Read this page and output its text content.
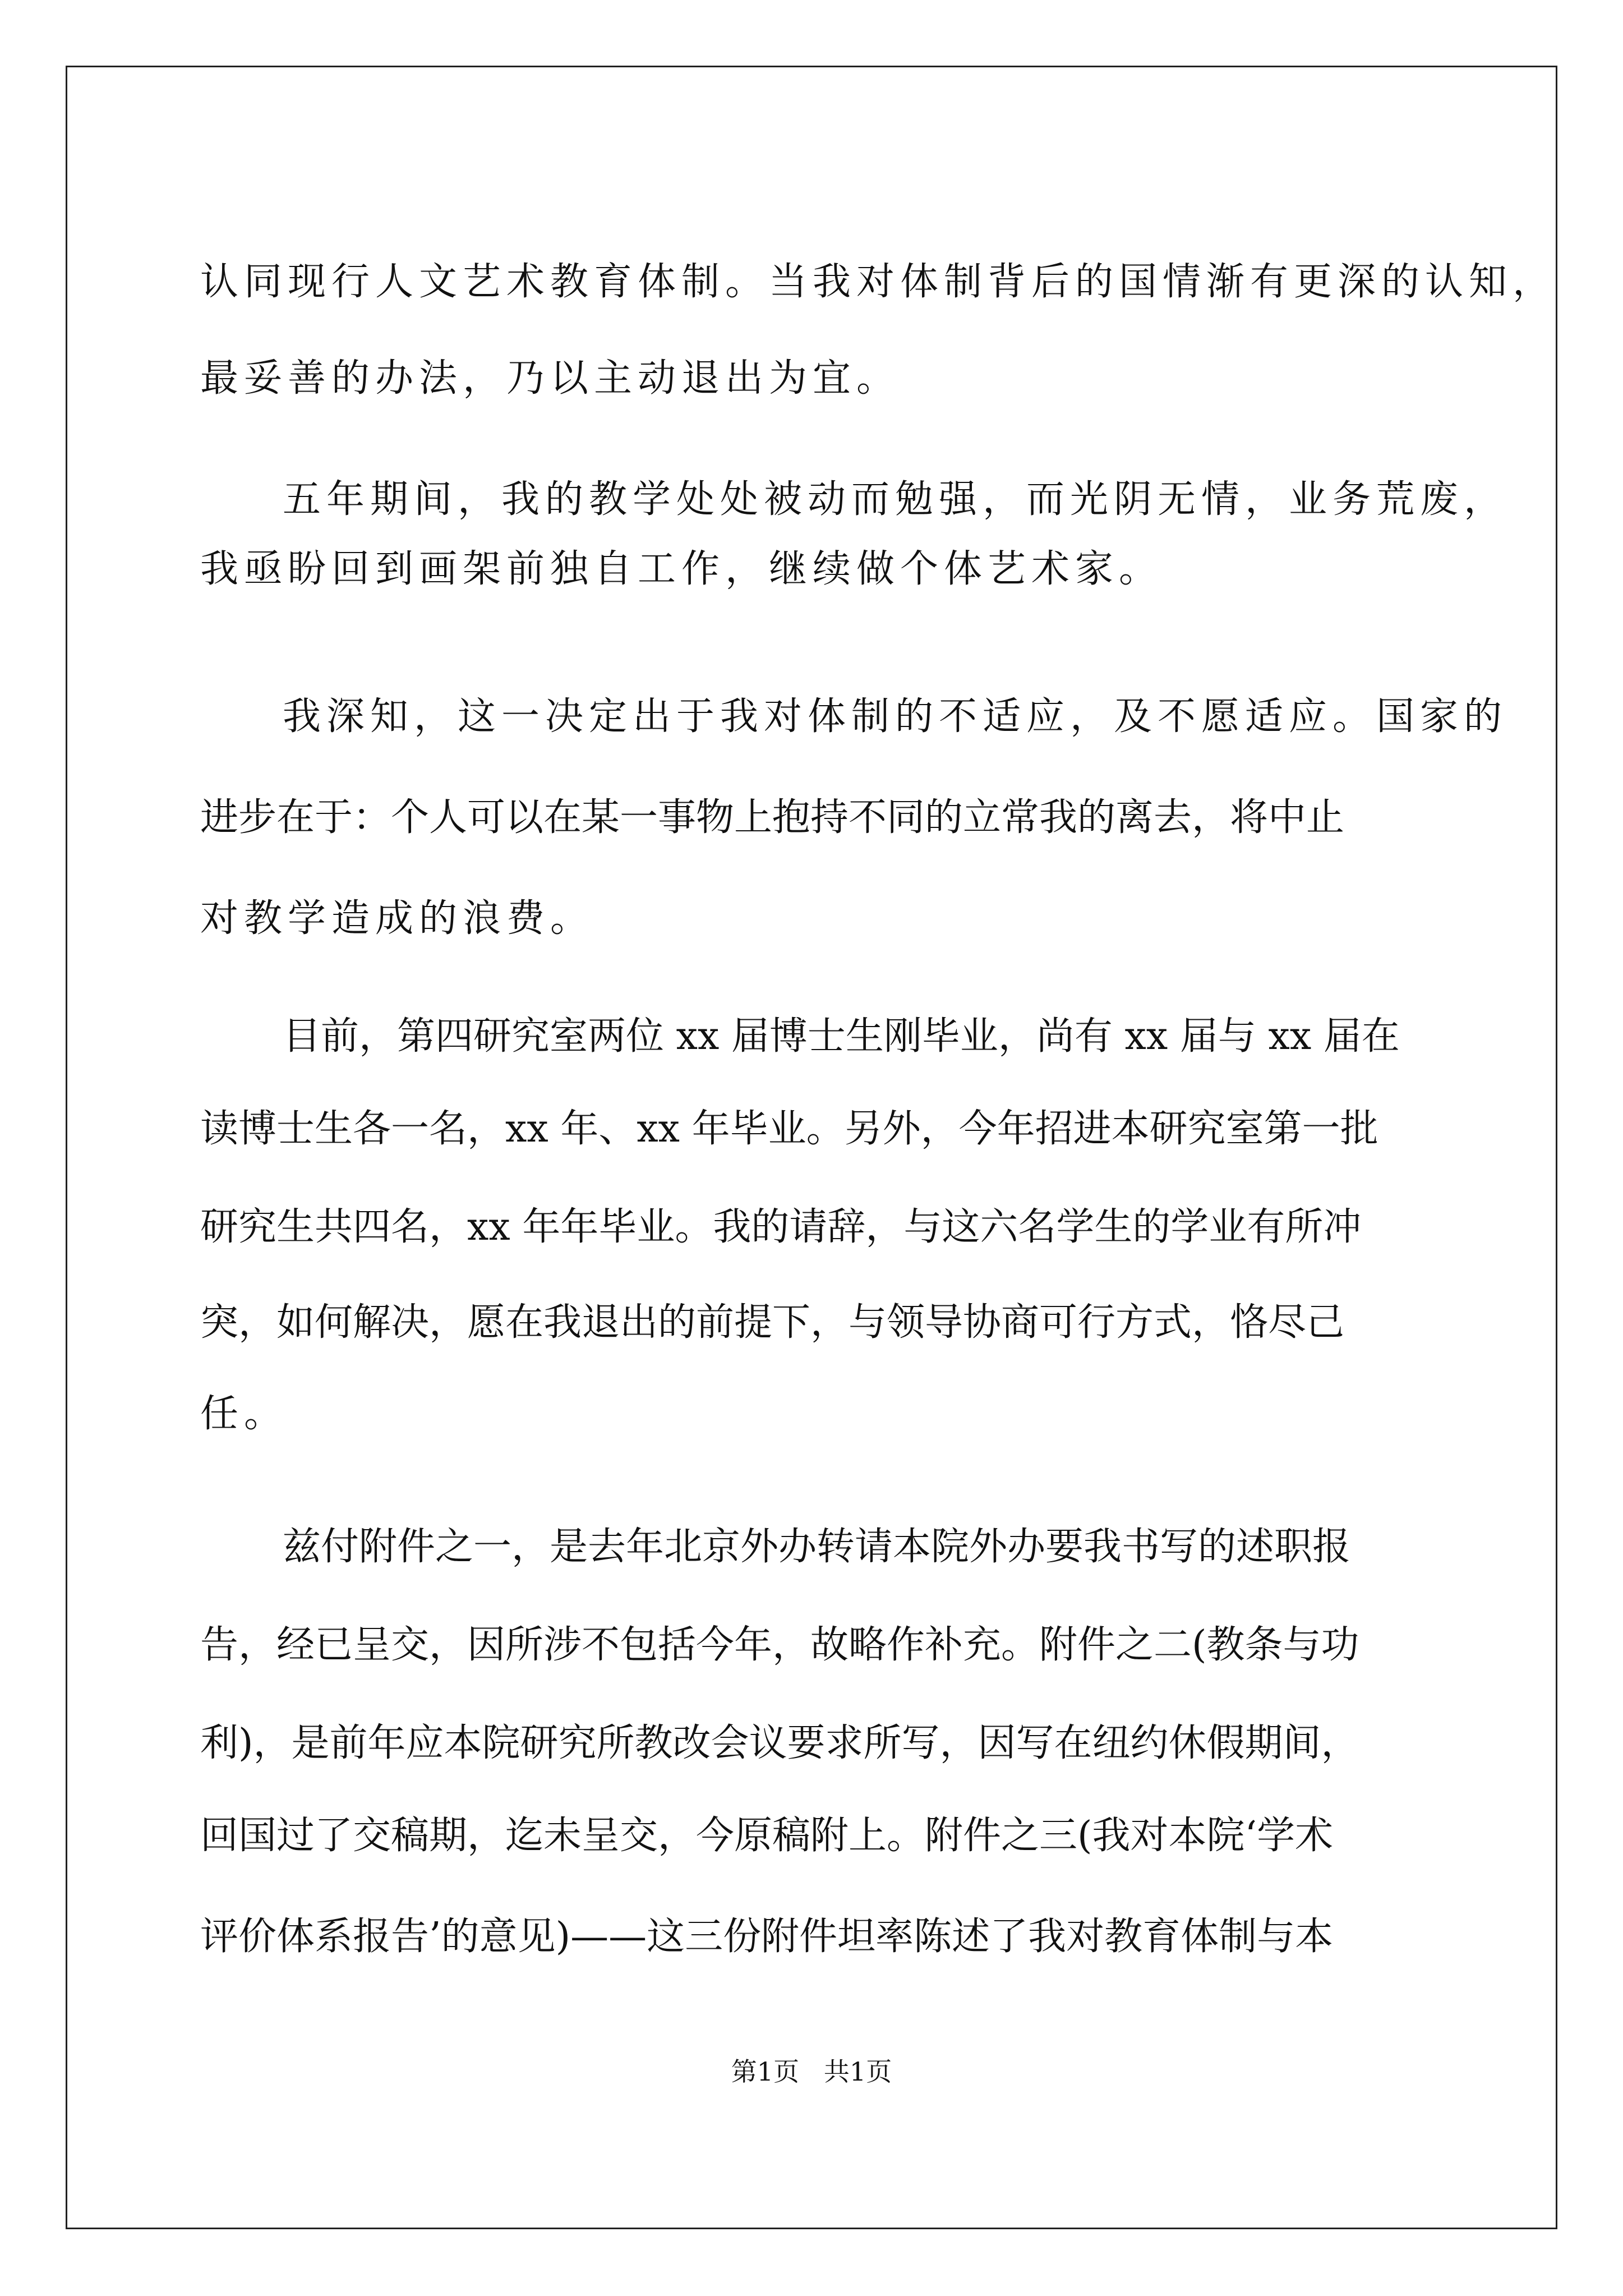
认同现行人文艺术教育体制。当我对体制背后的国情渐有更深的认知，

最妥善的办法，乃以主动退出为宜。

五年期间，我的教学处处被动而勉强，而光阴无情，业务荒废，

我亟盼回到画架前独自工作，继续做个体艺术家。

我深知，这一决定出于我对体制的不适应，及不愿适应。国家的

进步在于：个人可以在某一事物上抱持不同的立常我的离去，将中止

对教学造成的浪费。

目前，第四研究室两位 xx 届博士生刚毕业，尚有 xx 届与 xx 届在

读博士生各一名，xx 年、xx 年毕业。另外，今年招进本研究室第一批

研究生共四名，xx 年年毕业。我的请辞，与这六名学生的学业有所冲

突，如何解决，愿在我退出的前提下，与领导协商可行方式，恪尽己

任。

兹付附件之一，是去年北京外办转请本院外办要我书写的述职报

告，经已呈交，因所涉不包括今年，故略作补充。附件之二(教条与功

利)，是前年应本院研究所教改会议要求所写，因写在纽约休假期间，

回国过了交稿期，迄未呈交，今原稿附上。附件之三(我对本院‘学术

评价体系报告’的意见)——这三份附件坦率陈述了我对教育体制与本

第1页   共1页
